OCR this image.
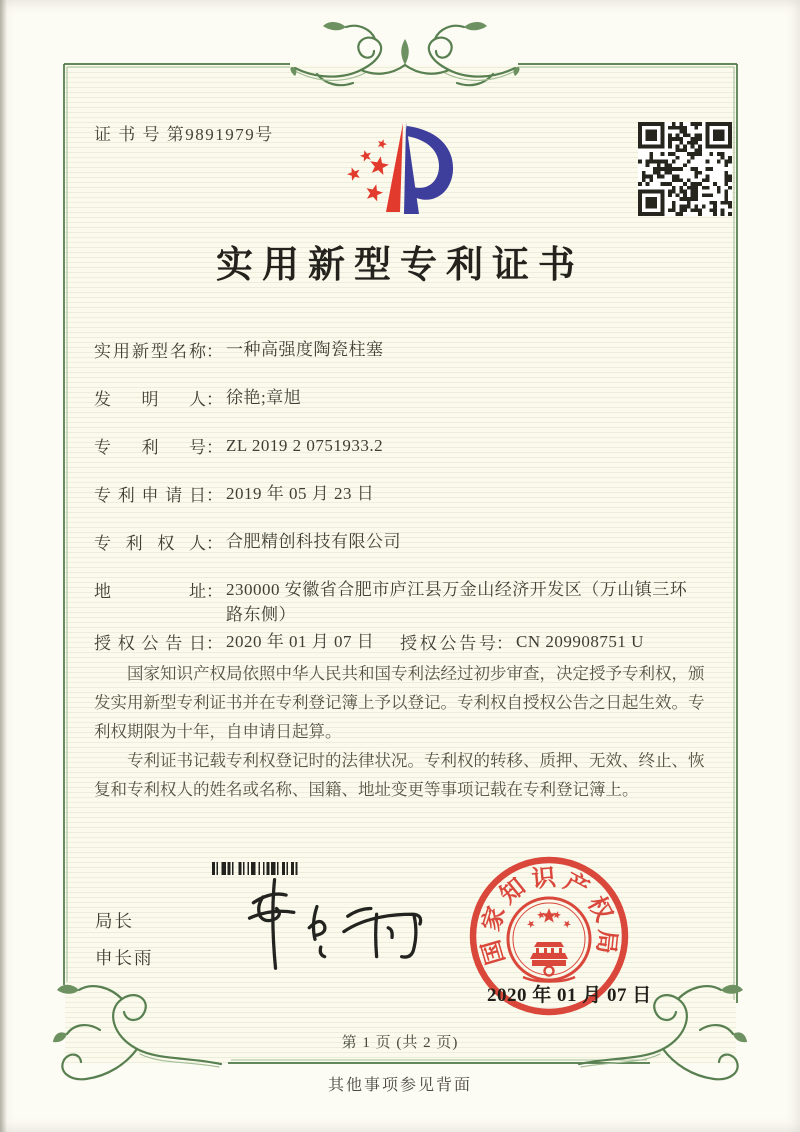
证 书 号 第9891979号
实用新型专利证书
实用新型名称 ： 一种高强度陶瓷柱塞
发明人 ： 徐艳;章旭
专利号 ： ZL 2019 2 0751933.2
专利申请日 ： 2019 年 05 月 23 日
专利权人 ： 合肥精创科技有限公司
地址 ： 230000 安徽省合肥市庐江县万金山经济开发区（万山镇三环路东侧）
授权公告日 ： 2020 年 01 月 07 日 授权公告号 ： CN 209908751 U

国家知识产权局依照中华人民共和国专利法经过初步审查，决定授予专利权，颁发实用新型专利证书并在专利登记簿上予以登记。专利权自授权公告之日起生效。专利权期限为十年，自申请日起算。

专利证书记载专利权登记时的法律状况。专利权的转移、质押、无效、终止、恢复和专利权人的姓名或名称、国籍、地址变更等事项记载在专利登记簿上。

局长
申长雨	国家知识产权局
2020 年 01 月 07 日
第 1 页 (共 2 页)
其他事项参见背面
